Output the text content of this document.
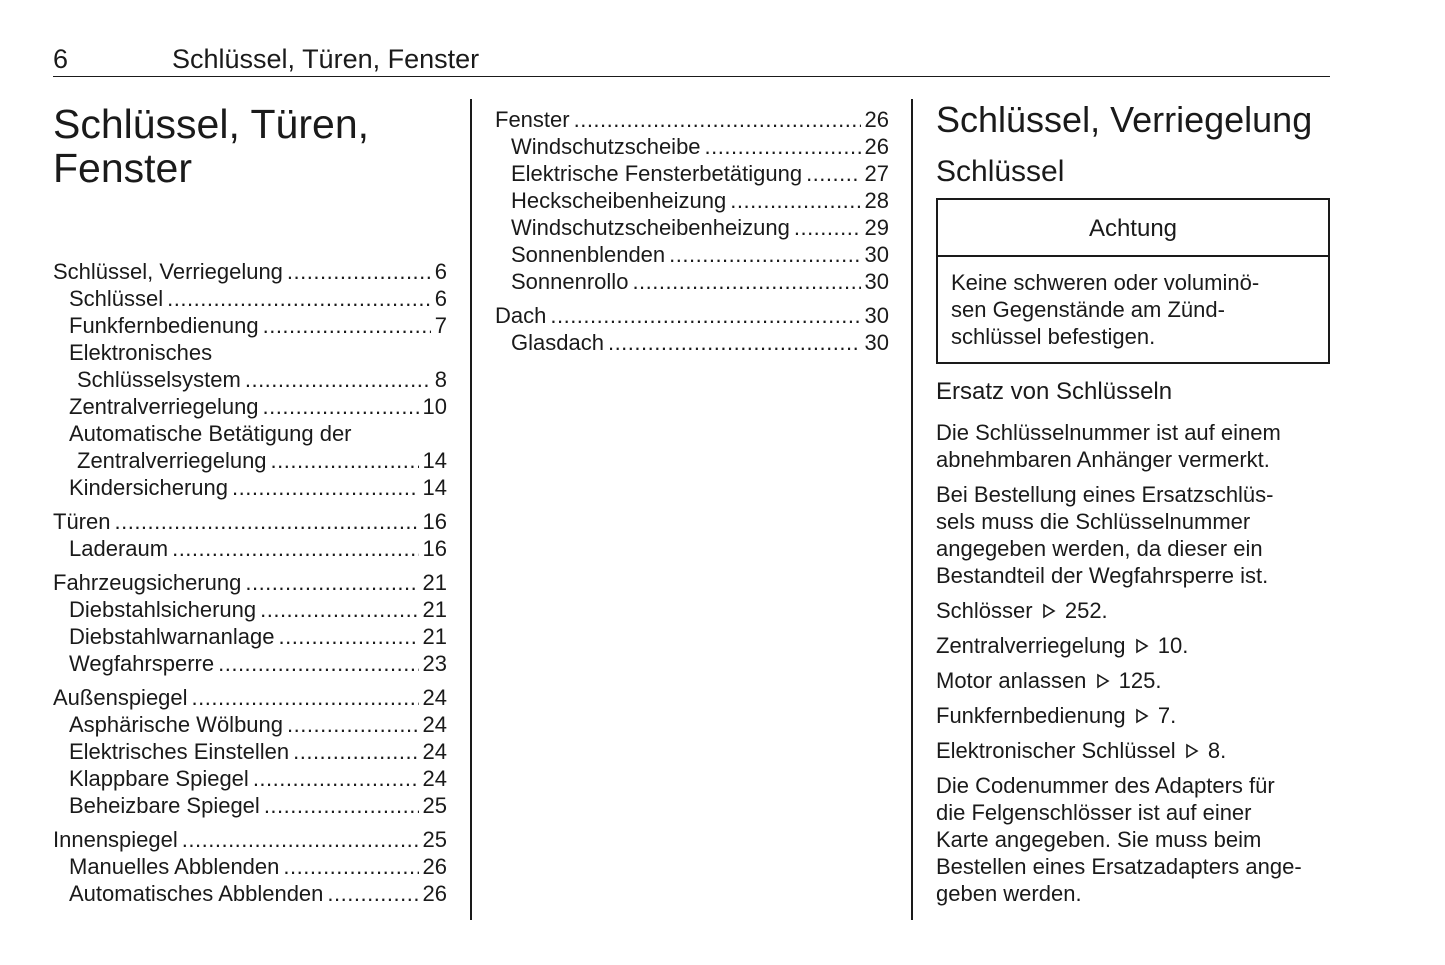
6	Schlüssel, Türen, Fenster
Schlüssel, Türen,
Fenster
Schlüssel, Verriegelung .....	6
Schlüssel .....	6
Funkfernbedienung .....	7
Elektronisches
Schlüsselsystem .....	8
Zentralverriegelung .....	10
Automatische Betätigung der
Zentralverriegelung .....	14
Kindersicherung .....	14
Türen .....	16
Laderaum .....	16
Fahrzeugsicherung .....	21
Diebstahlsicherung .....	21
Diebstahlwarnanlage .....	21
Wegfahrsperre .....	23
Außenspiegel .....	24
Asphärische Wölbung .....	24
Elektrisches Einstellen .....	24
Klappbare Spiegel .....	24
Beheizbare Spiegel .....	25
Innenspiegel .....	25
Manuelles Abblenden .....	26
Automatisches Abblenden .....	26
Fenster .....	26
Windschutzscheibe .....	26
Elektrische Fensterbetätigung .....	27
Heckscheibenheizung .....	28
Windschutzscheibenheizung .....	29
Sonnenblenden .....	30
Sonnenrollo .....	30
Dach .....	30
Glasdach .....	30
Schlüssel, Verriegelung
Schlüssel
Achtung
Keine schweren oder voluminö-
sen Gegenstände am Zünd-
schlüssel befestigen.
Ersatz von Schlüsseln

Die Schlüsselnummer ist auf einem
abnehmbaren Anhänger vermerkt.

Bei Bestellung eines Ersatzschlüs-
sels muss die Schlüsselnummer
angegeben werden, da dieser ein
Bestandteil der Wegfahrsperre ist.

Schlösser 252.
Zentralverriegelung 10.
Motor anlassen 125.
Funkfernbedienung 7.
Elektronischer Schlüssel 8.

Die Codenummer des Adapters für
die Felgenschlösser ist auf einer
Karte angegeben. Sie muss beim
Bestellen eines Ersatzadapters ange-
geben werden.
